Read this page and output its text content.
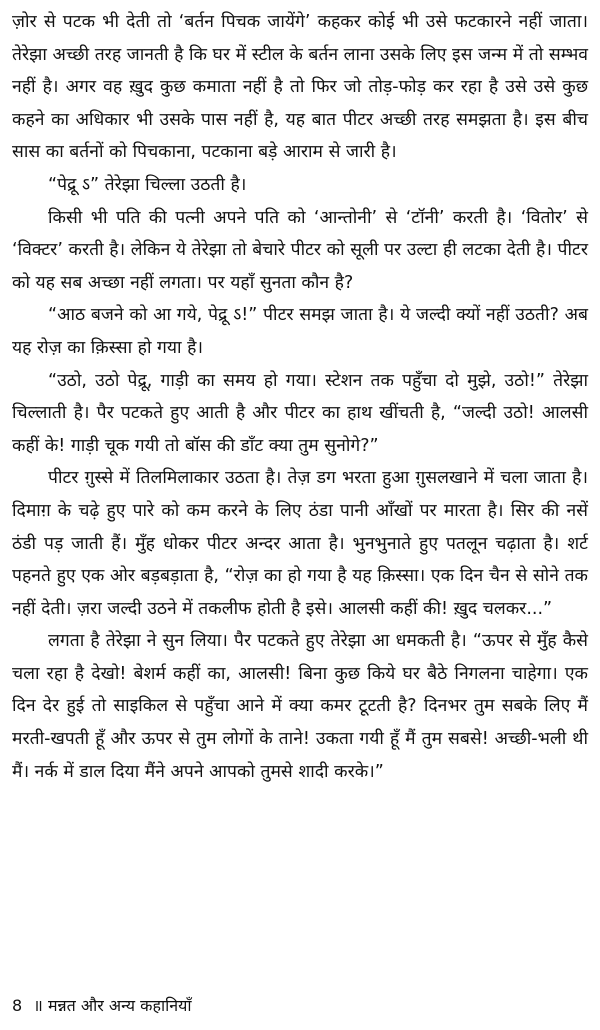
ज़ोर से पटक भी देती तो ‘बर्तन पिचक जायेंगे’ कहकर कोई भी उसे फटकारने नहीं जाता। तेरेझा अच्छी तरह जानती है कि घर में स्टील के बर्तन लाना उसके लिए इस जन्म में तो सम्भव नहीं है। अगर वह ख़ुद कुछ कमाता नहीं है तो फिर जो तोड़-फोड़ कर रहा है उसे उसे कुछ कहने का अधिकार भी उसके पास नहीं है, यह बात पीटर अच्छी तरह समझता है। इस बीच सास का बर्तनों को पिचकाना, पटकाना बड़े आराम से जारी है।

“पेद्रू ऽ” तेरेझा चिल्ला उठती है।

किसी भी पति की पत्नी अपने पति को ‘आन्तोनी’ से ‘टॉनी’ करती है। ‘वितोर’ से ‘विक्टर’ करती है। लेकिन ये तेरेझा तो बेचारे पीटर को सूली पर उल्टा ही लटका देती है। पीटर को यह सब अच्छा नहीं लगता। पर यहाँ सुनता कौन है?

“आठ बजने को आ गये, पेद्रू ऽ!” पीटर समझ जाता है। ये जल्दी क्यों नहीं उठती? अब यह रोज़ का क़िस्सा हो गया है।

“उठो, उठो पेद्रू, गाड़ी का समय हो गया। स्टेशन तक पहुँचा दो मुझे, उठो!” तेरेझा चिल्लाती है। पैर पटकते हुए आती है और पीटर का हाथ खींचती है, “जल्दी उठो! आलसी कहीं के! गाड़ी चूक गयी तो बॉस की डाँट क्या तुम सुनोगे?”

पीटर ग़ुस्से में तिलमिलाकार उठता है। तेज़ डग भरता हुआ ग़ुसलखाने में चला जाता है। दिमाग़ के चढ़े हुए पारे को कम करने के लिए ठंडा पानी आँखों पर मारता है। सिर की नसें ठंडी पड़ जाती हैं। मुँह धोकर पीटर अन्दर आता है। भुनभुनाते हुए पतलून चढ़ाता है। शर्ट पहनते हुए एक ओर बड़बड़ाता है, “रोज़ का हो गया है यह क़िस्सा। एक दिन चैन से सोने तक नहीं देती। ज़रा जल्दी उठने में तकलीफ होती है इसे। आलसी कहीं की! ख़ुद चलकर...”

लगता है तेरेझा ने सुन लिया। पैर पटकते हुए तेरेझा आ धमकती है। “ऊपर से मुँह कैसे चला रहा है देखो! बेशर्म कहीं का, आलसी! बिना कुछ किये घर बैठे निगलना चाहेगा। एक दिन देर हुई तो साइकिल से पहुँचा आने में क्या कमर टूटती है? दिनभर तुम सबके लिए मैं मरती-खपती हूँ और ऊपर से तुम लोगों के ताने! उकता गयी हूँ मैं तुम सबसे! अच्छी-भली थी मैं। नर्क में डाल दिया मैंने अपने आपको तुमसे शादी करके।”

8 ॥ मन्नत और अन्य कहानियाँ
